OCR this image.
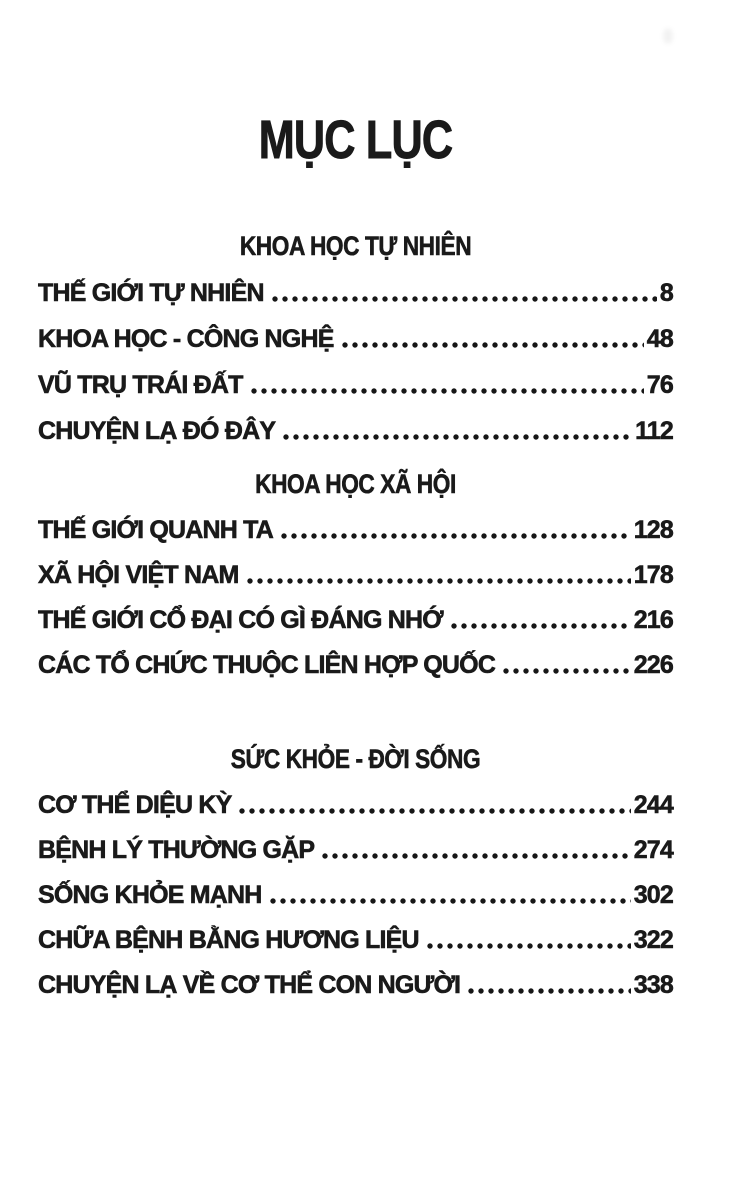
MỤC LỤC
KHOA HỌC TỰ NHIÊN
THẾ GIỚI TỰ NHIÊN	8
KHOA HỌC - CÔNG NGHỆ	48
VŨ TRỤ TRÁI ĐẤT	76
CHUYỆN LẠ ĐÓ ĐÂY	112
KHOA HỌC XÃ HỘI
THẾ GIỚI QUANH TA	128
XÃ HỘI VIỆT NAM	178
THẾ GIỚI CỔ ĐẠI CÓ GÌ ĐÁNG NHỚ	216
CÁC TỔ CHỨC THUỘC LIÊN HỢP QUỐC	226
SỨC KHỎE - ĐỜI SỐNG
CƠ THỂ DIỆU KỲ	244
BỆNH LÝ THƯỜNG GẶP	274
SỐNG KHỎE MẠNH	302
CHỮA BỆNH BẰNG HƯƠNG LIỆU	322
CHUYỆN LẠ VỀ CƠ THỂ CON NGƯỜI	338
